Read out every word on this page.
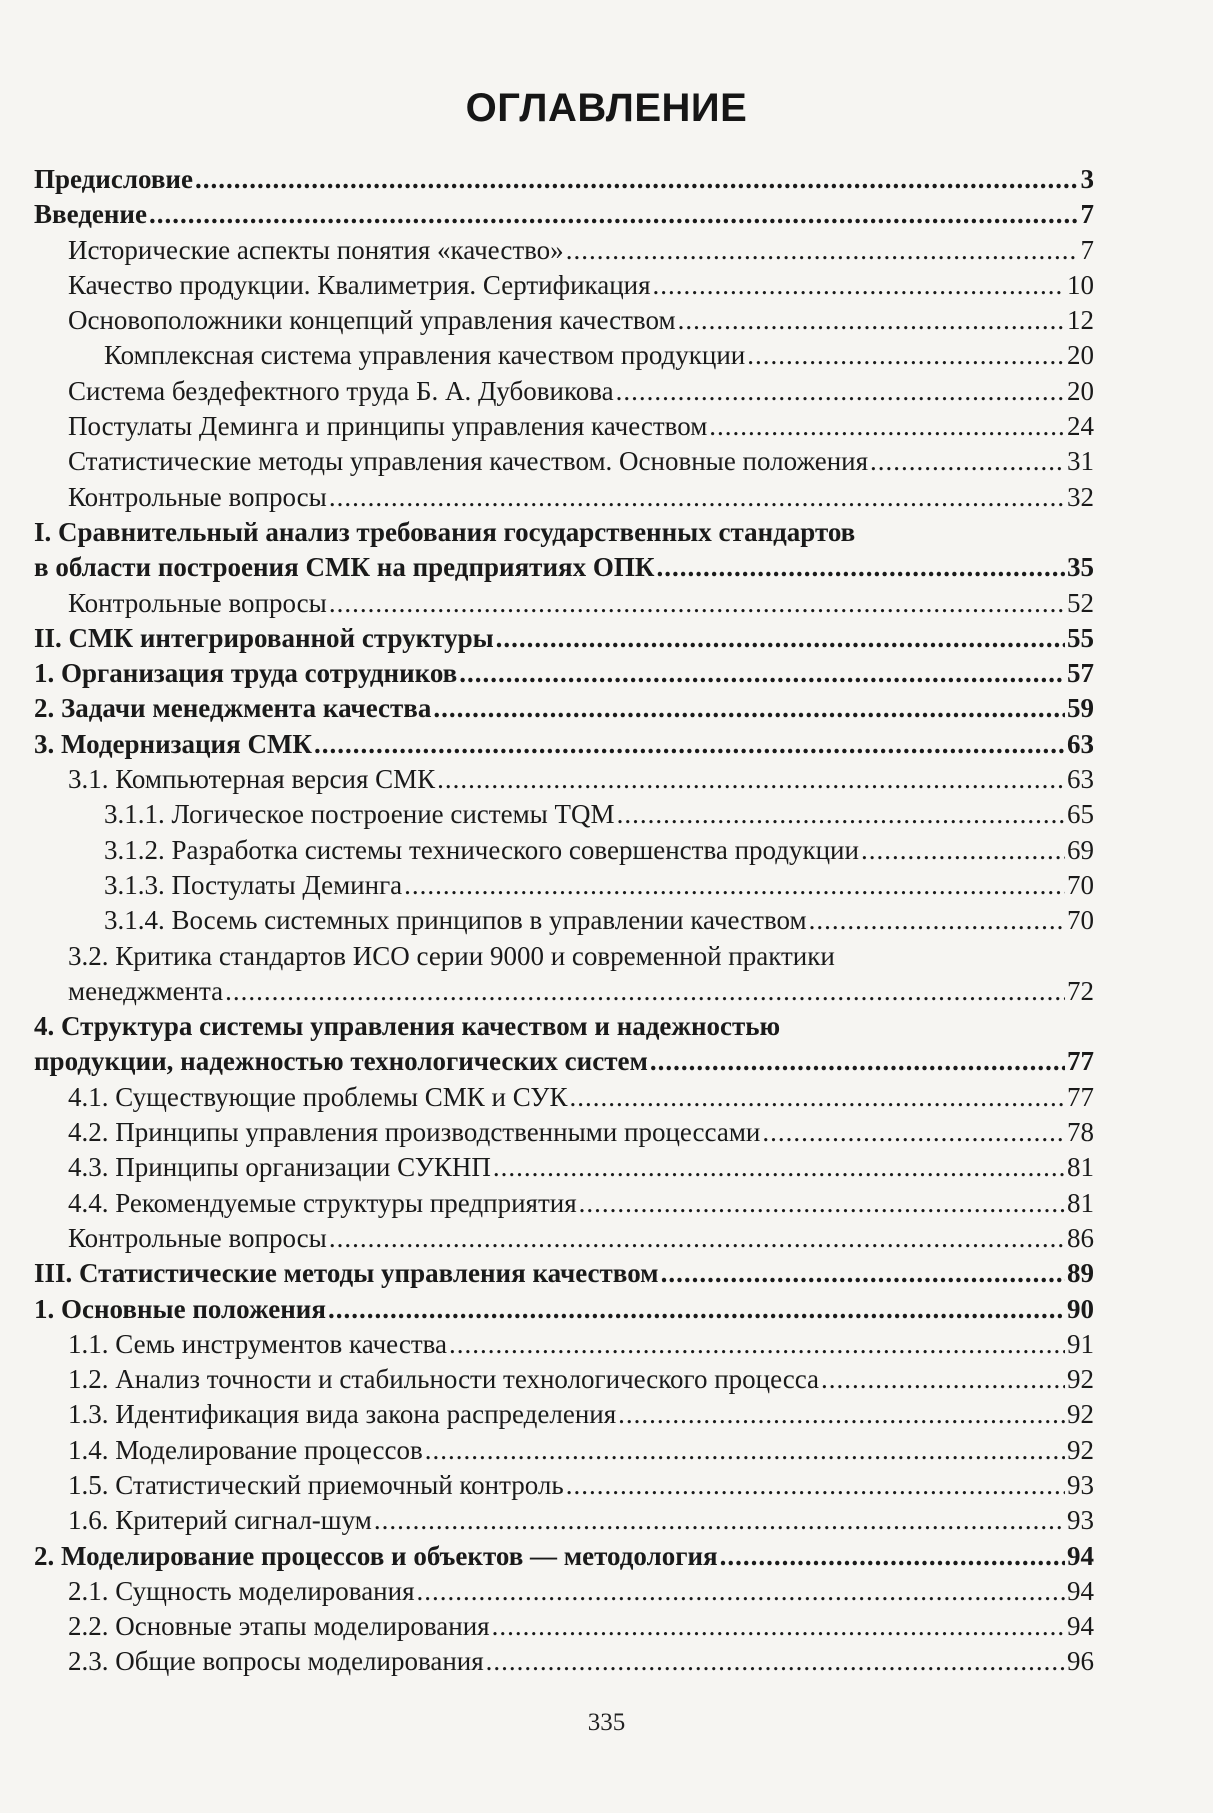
ОГЛАВЛЕНИЕ
Предисловие .....	3
Введение .....	7
Исторические аспекты понятия «качество» .....	7
Качество продукции. Квалиметрия. Сертификация .....	10
Основоположники концепций управления качеством .....	12
Комплексная система управления качеством продукции .....	20
Система бездефектного труда Б. А. Дубовикова .....	20
Постулаты Деминга и принципы управления качеством .....	24
Статистические методы управления качеством. Основные положения .....	31
Контрольные вопросы .....	32
I. Сравнительный анализ требования государственных стандартов
в области построения СМК на предприятиях ОПК .....	35
Контрольные вопросы .....	52
II. СМК интегрированной структуры .....	55
1. Организация труда сотрудников .....	57
2. Задачи менеджмента качества .....	59
3. Модернизация СМК .....	63
3.1. Компьютерная версия СМК .....	63
3.1.1. Логическое построение системы TQM .....	65
3.1.2. Разработка системы технического совершенства продукции .....	69
3.1.3. Постулаты Деминга .....	70
3.1.4. Восемь системных принципов в управлении качеством .....	70
3.2. Критика стандартов ИСО серии 9000 и современной практики
менеджмента .....	72
4. Структура системы управления качеством и надежностью
продукции, надежностью технологических систем .....	77
4.1. Существующие проблемы СМК и СУК .....	77
4.2. Принципы управления производственными процессами .....	78
4.3. Принципы организации СУКНП .....	81
4.4. Рекомендуемые структуры предприятия .....	81
Контрольные вопросы .....	86
III. Статистические методы управления качеством .....	89
1. Основные положения .....	90
1.1. Семь инструментов качества .....	91
1.2. Анализ точности и стабильности технологического процесса .....	92
1.3. Идентификация вида закона распределения .....	92
1.4. Моделирование процессов .....	92
1.5. Статистический приемочный контроль .....	93
1.6. Критерий сигнал-шум .....	93
2. Моделирование процессов и объектов — методология .....	94
2.1. Сущность моделирования .....	94
2.2. Основные этапы моделирования .....	94
2.3. Общие вопросы моделирования .....	96
335
